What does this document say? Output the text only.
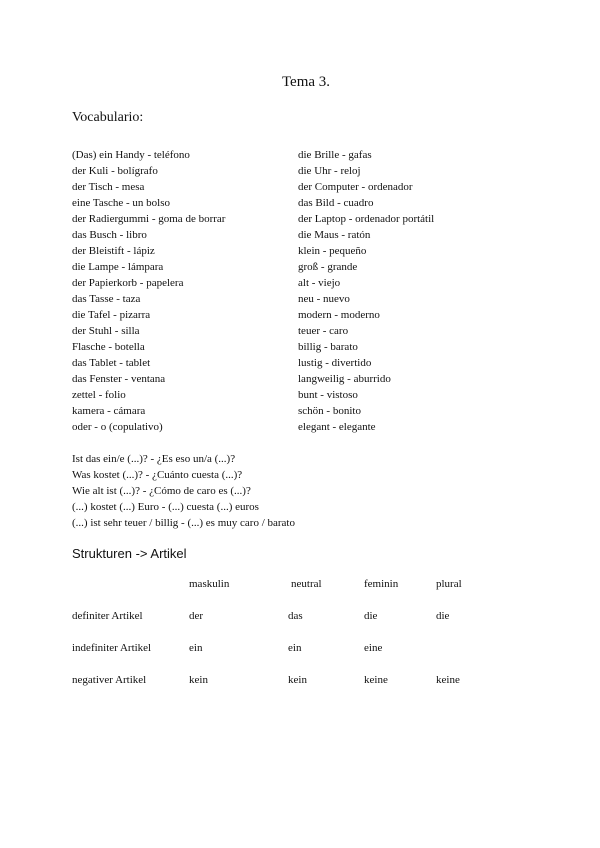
Tema 3.
Vocabulario:
(Das) ein Handy - teléfono
der Kuli - bolígrafo
der Tisch - mesa
eine Tasche - un bolso
der Radiergummi - goma de borrar
das Busch - libro
der Bleistift - lápiz
die Lampe - lámpara
der Papierkorb - papelera
das Tasse - taza
die Tafel - pizarra
der Stuhl - silla
Flasche - botella
das Tablet - tablet
das Fenster - ventana
zettel - folio
kamera - cámara
oder - o (copulativo)
die Brille - gafas
die Uhr - reloj
der Computer - ordenador
das Bild - cuadro
der Laptop - ordenador portátil
die Maus - ratón
klein - pequeño
groß - grande
alt - viejo
neu - nuevo
modern - moderno
teuer - caro
billig - barato
lustig - divertido
langweilig - aburrido
bunt - vistoso
schön - bonito
elegant - elegante
Ist das ein/e (...)? - ¿Es eso un/a (...)?
Was kostet (...)? - ¿Cuánto cuesta (...)?
Wie alt ist (...)? - ¿Cómo de caro es (...)?
(...) kostet (...) Euro - (...) cuesta (...) euros
(...) ist sehr teuer / billig - (...) es muy caro / barato
Strukturen -> Artikel
	maskulin	neutral	feminin	plural
definiter Artikel	der	das	die	die
indefiniter Artikel	ein	ein	eine	
negativer Artikel	kein	kein	keine	keine
